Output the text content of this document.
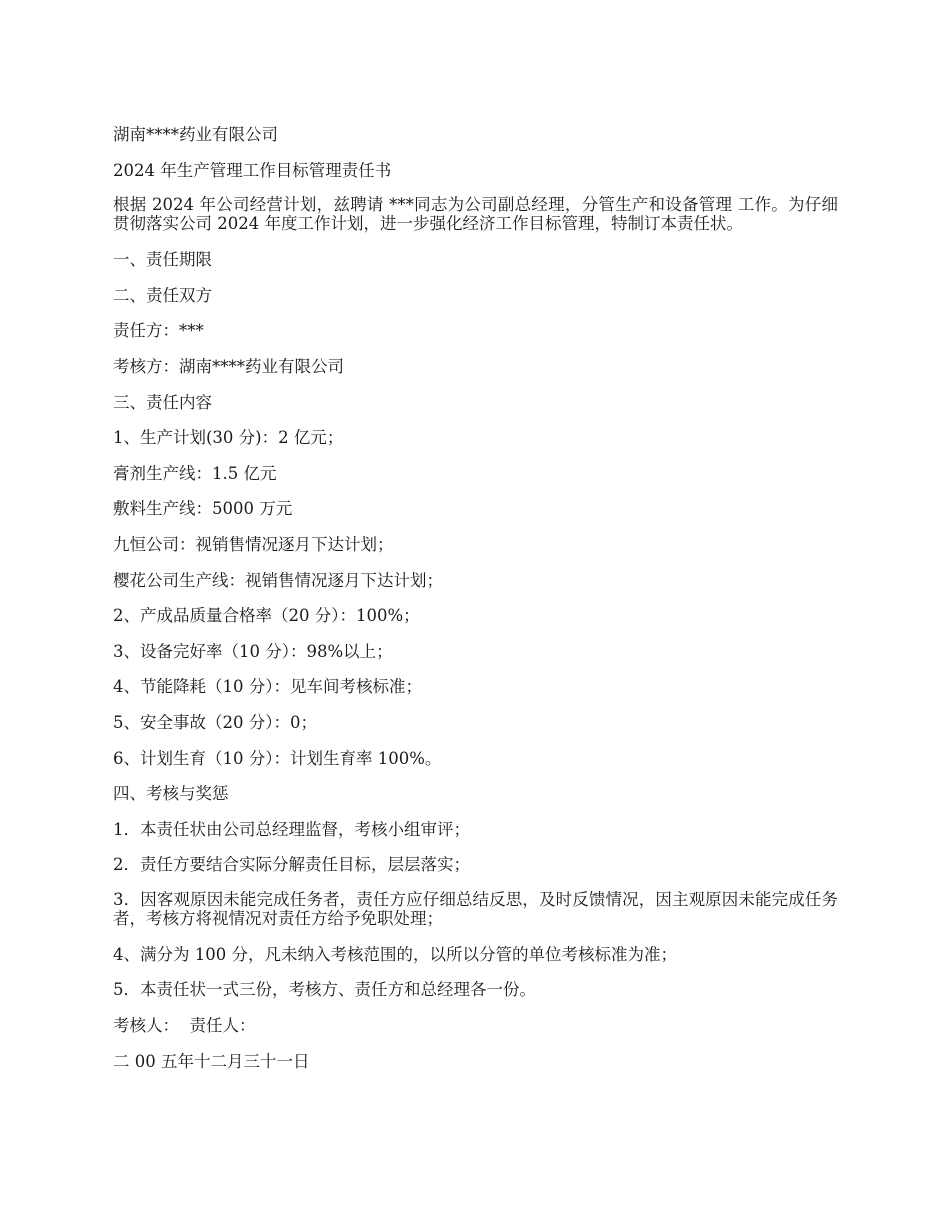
湖南****药业有限公司

2024 年生产管理工作目标管理责任书

根据 2024 年公司经营计划，兹聘请 ***同志为公司副总经理，分管生产和设备管理 工作。为仔细贯彻落实公司 2024 年度工作计划，进一步强化经济工作目标管理，特制订本责任状。

一、责任期限

二、责任双方

责任方：***

考核方：湖南****药业有限公司

三、责任内容

1、生产计划(30 分)：2 亿元；

膏剂生产线：1.5 亿元

敷料生产线：5000 万元

九恒公司：视销售情况逐月下达计划；

樱花公司生产线：视销售情况逐月下达计划；

2、产成品质量合格率（20 分）：100%；

3、设备完好率（10 分）：98%以上；

4、节能降耗（10 分）：见车间考核标准；

5、安全事故（20 分）：0；

6、计划生育（10 分）：计划生育率 100%。

四、考核与奖惩

1．本责任状由公司总经理监督，考核小组审评；

2．责任方要结合实际分解责任目标，层层落实；

3．因客观原因未能完成任务者，责任方应仔细总结反思，及时反馈情况，因主观原因未能完成任务者，考核方将视情况对责任方给予免职处理；

4、满分为 100 分，凡未纳入考核范围的，以所以分管的单位考核标准为准；

5．本责任状一式三份，考核方、责任方和总经理各一份。

考核人：  责任人：

二 00 五年十二月三十一日
